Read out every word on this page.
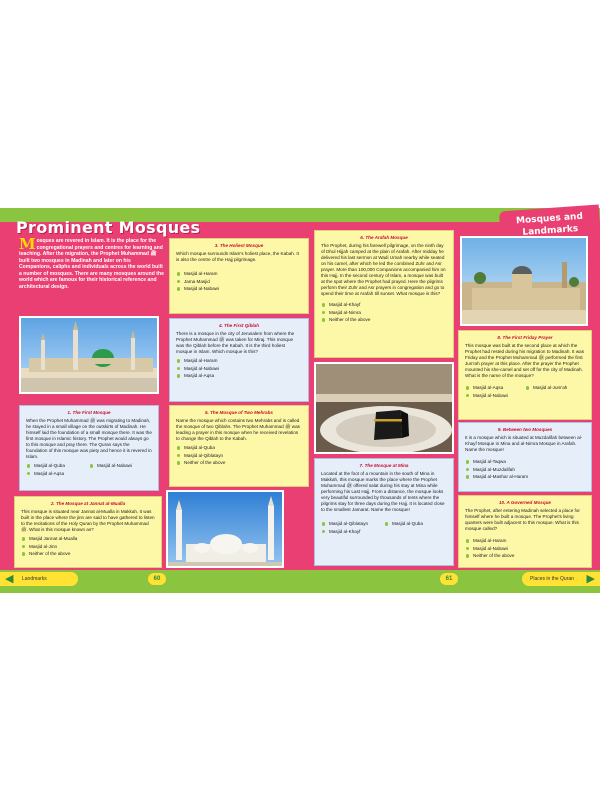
Prominent Mosques	Mosques and
Landmarks
Mosques are revered in Islam. It is the place for the congregational prayers and centres for learning and teaching. After the migration, the Prophet Muhammad ﷺ built two mosques in Madinah and later on his Companions, caliphs and individuals across the world built a number of mosques. There are many mosques around the world which are famous for their historical reference and architectural design.
1. The First Mosque
When the Prophet Muhammad ﷺ was migrating to Madinah, he stayed in a small village on the outskirts of Madinah. He himself laid the foundation of a small mosque there. It was the first mosque in Islamic history. The Prophet would always go to this mosque and pray there. The Quran says the foundation of this mosque was piety and hence it is revered in Islam.
Masjid al-Quba	Masjid al-Nabawi
Masjid al-Aqsa
2. The Mosque at Jannat al-Mualla
This mosque is situated near Jannat al-Mualla in Makkah. It was built in the place where the jinn are said to have gathered to listen to the recitations of the Holy Quran by the Prophet Muhammad ﷺ. What is this mosque known as?
Masjid Jannat al-Mualla
Masjid al-Jinn
Neither of the above
3. The Holiest Mosque
Which mosque surrounds Islam's holiest place, the Kabah. It is also the centre of the Hajj pilgrimage.
Masjid al-Haram
Jama Masjid
Masjid al-Nabawi
4. The First Qiblah
There is a mosque in the city of Jerusalem from where the Prophet Muhammad ﷺ was taken for Miraj. This mosque was the Qiblah before the Kabah. It is the third holiest mosque in Islam. Which mosque is this?
Masjid al-Haram
Masjid al-Nabawi
Masjid al-Aqsa
5. The Mosque of Two Mehrabs
Name the mosque which contains two Mehrabs and is called the mosque of two Qiblahs. The Prophet Muhammad ﷺ was leading a prayer in this mosque when he received revelation to change the Qiblah to the Kabah.
Masjid al-Quba
Masjid al-Qiblatayn
Neither of the above
6. The Arafah Mosque
The Prophet, during his farewell pilgrimage, on the ninth day of Dhul Hijjah camped at the plain of Arafah. After midday he delivered his last sermon at Wadi Urnah nearby while seated on his camel, after which he led the combined Zuhr and Asr prayer. More than 100,000 Companions accompanied him on this Hajj. In the second century of Islam, a mosque was built at the spot where the Prophet had prayed. Here the pilgrims perform their Zuhr and Asr prayers in congregation and go to spend their time at Arafah till sunset. What mosque is this?
Masjid al-Khayf
Masjid al-Nimra
Neither of the above
7. The Mosque at Mina
Located at the foot of a mountain in the south of Mina in Makkah, this mosque marks the place where the Prophet Muhammad ﷺ offered salat during his stay at Mina while performing his Last Hajj. From a distance, the mosque looks very beautiful surrounded by thousands of tents where the pilgrims stay for three days during the Hajj. It is located close to the smallest Jamarat. Name the mosque!
Masjid al-Qiblatayn	Masjid al-Quba
Masjid al-Khayf
8. The First Friday Prayer
This mosque was built at the second place at which the Prophet had rested during his migration to Madinah. It was Friday and the Prophet Muhammad ﷺ performed the first Jum'ah prayer at this place. After the prayer the Prophet mounted his she-camel and set off for the city of Madinah. What is the name of the mosque?
Masjid al-Aqsa	Masjid al-Jum'ah
Masjid al-Nabawi
9. Between two Mosques
It is a mosque which is situated at Muzdalifah between al-Khayf Mosque in Mina and al-Nimra Mosque in Arafah. Name the mosque!
Masjid al-Taqwa
Masjid al-Muzdalifah
Masjid al-Mashar al-Haram
10. A Governed Mosque
The Prophet, after entering Madinah selected a place for himself where he built a mosque. The Prophet's living quarters were built adjacent to this mosque. What is this mosque called?
Masjid al-Haram
Masjid al-Nabawi
Neither of the above
◀ Landmarks	60	61	Places in the Quran ▶
